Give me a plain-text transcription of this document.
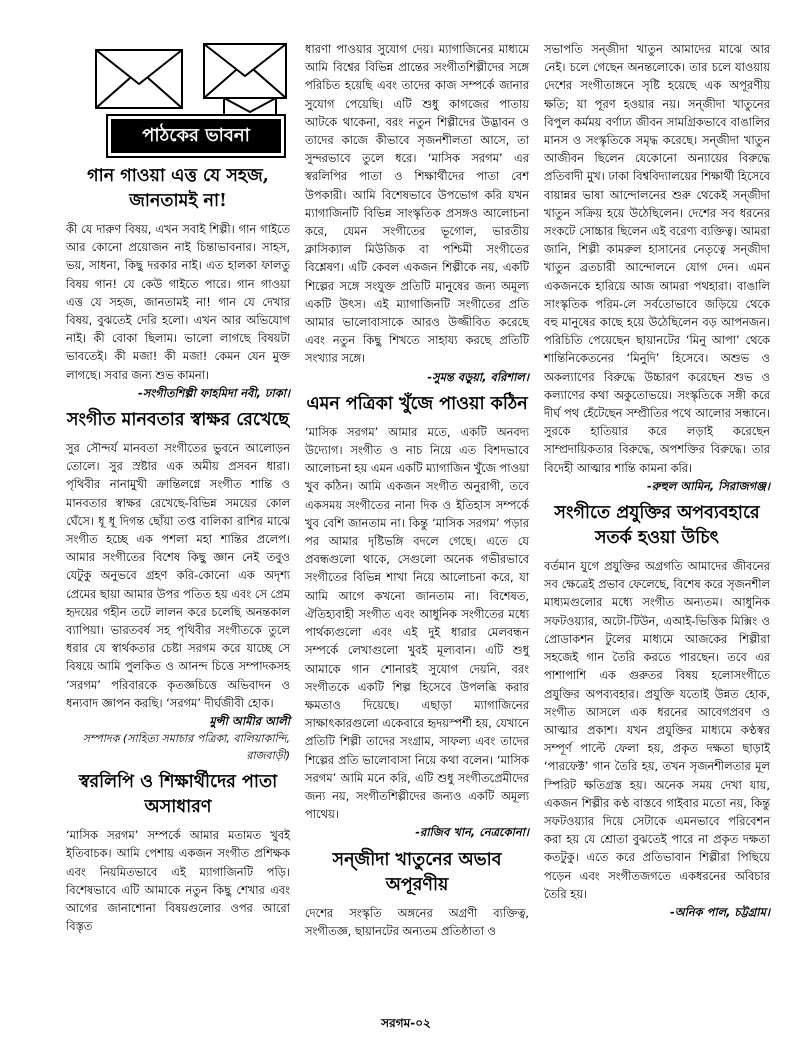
পাঠকের ভাবনা
গান গাওয়া এত্ত যে সহজ, জানতামই না!

কী যে দারুণ বিষয়, এখন সবাই শিল্পী। গান গাইতে আর কোনো প্রয়োজন নাই চিন্তাভাবনার। সাহস, ভয়, সাধনা, কিছু দরকার নাই। এত হালকা ফালতু বিষয় গান! যে কেউ গাইতে পারে। গান গাওয়া এত্ত যে সহজ, জানতামই না! গান যে দেখার বিষয়, বুঝতেই দেরি হলো। এখন আর অভিযোগ নাই। কী বোকা ছিলাম। ভালো লাগছে বিষয়টা ভাবতেই। কী মজা! কী মজা! কেমন যেন মুক্ত লাগছে। সবার জন্য শুভ কামনা।

-সংগীতশিল্পী ফাহমিদা নবী, ঢাকা।
সংগীত মানবতার স্বাক্ষর রেখেছে

সুর সৌন্দর্য মানবতা সংগীতের ভুবনে আলোড়ন তোলে। সুর স্রষ্টার এক অমীয় প্রসবন ধারা। পৃথিবীর নানামুখী ক্রান্তিলগ্নে সংগীত শান্তি ও মানবতার স্বাক্ষর রেখেছে-বিভিন্ন সময়ের কোল ঘেঁসে। ধূ ধূ দিগন্ত ছোঁয়া তপ্ত বালিকা রাশির মাঝে সংগীত হচ্ছে এক পশলা মহা শান্তির প্রলেপ। আমার সংগীতের বিশেষ কিছু জ্ঞান নেই তবুও যেটুকু অনুভবে গ্রহণ করি-কোনো এক অদৃশ্য প্রেমের ছায়া আমার উপর পতিত হয় এবং সে প্রেম হৃদয়ের গহীন তটে লালন করে চলেছি অনন্তকাল ব্যাপিয়া। ভারতবর্ষ সহ পৃথিবীর সংগীতকে তুলে ধরার যে স্বার্থকতার চেষ্টা সরগম করে যাচ্ছে সে বিষয়ে আমি পুলকিত ও আনন্দ চিত্তে সম্পাদকসহ ‘সরগম’ পরিবারকে কৃতজ্ঞচিত্তে অভিবাদন ও ধন্যবাদ জ্ঞাপন করছি। ‘সরগম’ দীর্ঘজীবী হোক।

মুন্সী আমীর আলী
সম্পাদক (সাহিত্য সমাচার পত্রিকা, বালিয়াকান্দি, রাজবাড়ী)
স্বরলিপি ও শিক্ষার্থীদের পাতা অসাধারণ

‘মাসিক সরগম’ সম্পর্কে আমার মতামত খুবই ইতিবাচক। আমি পেশায় একজন সংগীত প্রশিক্ষক এবং নিয়মিতভাবে এই ম্যাগাজিনটি পড়ি। বিশেষভাবে এটি আমাকে নতুন কিছু শেখার এবং আগের জানাশোনা বিষয়গুলোর ওপর আরো বিস্তৃত

ধারণা পাওয়ার সুযোগ দেয়। ম্যাগাজিনের মাধ্যমে আমি বিশ্বের বিভিন্ন প্রান্তের সংগীতশিল্পীদের সঙ্গে পরিচিত হয়েছি এবং তাদের কাজ সম্পর্কে জানার সুযোগ পেয়েছি। এটি শুধু কাগজের পাতায় আটকে থাকেনা, বরং নতুন শিল্পীদের উদ্ভাবন ও তাদের কাজে কীভাবে সৃজনশীলতা আসে, তা সুন্দরভাবে তুলে ধরে। ‘মাসিক সরগম’ এর স্বরলিপির পাতা ও শিক্ষার্থীদের পাতা বেশ উপকারী। আমি বিশেষভাবে উপভোগ করি যখন ম্যাগাজিনটি বিভিন্ন সাংস্কৃতিক প্রসঙ্গও আলোচনা করে, যেমন সংগীতের ভূগোল, ভারতীয় ক্লাসিক্যাল মিউজিক বা পশ্চিমী সংগীতের বিশ্লেষণ। এটি কেবল একজন শিল্পীকে নয়, একটি শিল্পের সঙ্গে সংযুক্ত প্রতিটি মানুষের জন্য অমূল্য একটি উৎস। এই ম্যাগাজিনটি সংগীতের প্রতি আমার ভালোবাসাকে আরও উজ্জীবিত করেছে এবং নতুন কিছু শিখতে সাহায্য করছে প্রতিটি সংখ্যার সঙ্গে।

-সুমন্ত বড়ুয়া, বরিশাল।
এমন পত্রিকা খুঁজে পাওয়া কঠিন

‘মাসিক সরগম’ আমার মতে, একটি অনবদ্য উদ্যোগ। সংগীত ও নাচ নিয়ে এত বিশদভাবে আলোচনা হয় এমন একটি ম্যাগাজিন খুঁজে পাওয়া খুব কঠিন। আমি একজন সংগীত অনুরাগী, তবে একসময় সংগীতের নানা দিক ও ইতিহাস সম্পর্কে খুব বেশি জানতাম না। কিন্তু ‘মাসিক সরগম’ পড়ার পর আমার দৃষ্টিভঙ্গি বদলে গেছে। এতে যে প্রবন্ধগুলো থাকে, সেগুলো অনেক গভীরভাবে সংগীতের বিভিন্ন শাখা নিয়ে আলোচনা করে, যা আমি আগে কখনো জানতাম না। বিশেষত, ঐতিহ্যবাহী সংগীত এবং আধুনিক সংগীতের মধ্যে পার্থক্যগুলো এবং এই দুই ধারার মেলবন্ধন সম্পর্কে লেখাগুলো খুবই মূল্যবান। এটি শুধু আমাকে গান শোনারই সুযোগ দেয়নি, বরং সংগীতকে একটি শিল্প হিসেবে উপলব্ধি করার ক্ষমতাও দিয়েছে। এছাড়া ম্যাগাজিনের সাক্ষাৎকারগুলো একেবারে হৃদয়স্পর্শী হয়, যেখানে প্রতিটি শিল্পী তাদের সংগ্রাম, সাফল্য এবং তাদের শিল্পের প্রতি ভালোবাসা নিয়ে কথা বলেন। ‘মাসিক সরগম’ আমি মনে করি, এটি শুধু সংগীতপ্রেমীদের জন্য নয়, সংগীতশিল্পীদের জন্যও একটি অমূল্য পাথেয়।

-রাজিব খান, নেত্রকোনা।
সন্‌জীদা খাতুনের অভাব অপূরণীয়

দেশের সংস্কৃতি অঙ্গনের অগ্রণী ব্যক্তিত্ব, সংগীতজ্ঞ, ছায়ানটের অন্যতম প্রতিষ্ঠাতা ও

সভাপতি সন্‌জীদা খাতুন আমাদের মাঝে আর নেই। চলে গেছেন অনন্তলোকে। তার চলে যাওয়ায় দেশের সংগীতাঙ্গনে সৃষ্টি হয়েছে এক অপূরণীয় ক্ষতি; যা পূরণ হওয়ার নয়। সন্‌জীদা খাতুনের বিপুল কর্মময় বর্ণাঢ্য জীবন সামগ্রিকভাবে বাঙালির মানস ও সংস্কৃতিকে সমৃদ্ধ করেছে। সন্‌জীদা খাতুন আজীবন ছিলেন যেকোনো অন্যায়ের বিরুদ্ধে প্রতিবাদী মুখ। ঢাকা বিশ্ববিদ্যালয়ের শিক্ষার্থী হিসেবে বায়ান্নর ভাষা আন্দোলনের শুরু থেকেই সন্‌জীদা খাতুন সক্রিয় হয়ে উঠেছিলেন। দেশের সব ধরনের সংকটে সোচ্চার ছিলেন এই বরেণ্য ব্যক্তিত্ব। আমরা জানি, শিল্পী কামরুল হাসানের নেতৃত্বে সন্‌জীদা খাতুন ব্রতচারী আন্দোলনে যোগ দেন। এমন একজনকে হারিয়ে আজ আমরা পথহারা। বাঙালি সাংস্কৃতিক পরিম-লে সর্বতোভাবে জড়িয়ে থেকে বহু মানুষের কাছে হয়ে উঠেছিলেন বড় আপনজন। পরিচিতি পেয়েছেন ছায়ানটের ‘মিনু আপা’ থেকে শান্তিনিকেতনের ‘মিনুদি’ হিসেবে। অশুভ ও অকল্যাণের বিরুদ্ধে উচ্চারণ করেছেন শুভ ও কল্যাণের কথা অকুতোভয়ে। সংস্কৃতিকে সঙ্গী করে দীর্ঘ পথ হেঁটেছেন সম্প্রীতির পথে আলোর সন্ধানে। সুরকে হাতিয়ার করে লড়াই করেছেন সাম্প্রদায়িকতার বিরুদ্ধে, অপশক্তির বিরুদ্ধে। তার বিদেহী আত্মার শান্তি কামনা করি।

-রুহুল আমিন, সিরাজগঞ্জ।
সংগীতে প্রযুক্তির অপব্যবহারে সতর্ক হওয়া উচিৎ

বর্তমান যুগে প্রযুক্তির অগ্রগতি আমাদের জীবনের সব ক্ষেত্রেই প্রভাব ফেলেছে, বিশেষ করে সৃজনশীল মাধ্যমগুলোর মধ্যে সংগীত অন্যতম। আধুনিক সফটওয়্যার, অটো-টিউন, এআই-ভিত্তিক মিক্সিং ও প্রোডাকশন টুলের মাধ্যমে আজকের শিল্পীরা সহজেই গান তৈরি করতে পারছেন। তবে এর পাশাপাশি এক গুরুতর বিষয় হলোসংগীতে প্রযুক্তির অপব্যবহার। প্রযুক্তি যতোই উন্নত হোক, সংগীত আসলে এক ধরনের আবেগপ্রবণ ও আত্মার প্রকাশ। যখন প্রযুক্তির মাধ্যমে কণ্ঠস্বর সম্পূর্ণ পাল্টে ফেলা হয়, প্রকৃত দক্ষতা ছাড়াই ‘পারফেক্ট’ গান তৈরি হয়, তখন সৃজনশীলতার মূল স্পিরিট ক্ষতিগ্রস্ত হয়। অনেক সময় দেখা যায়, একজন শিল্পীর কণ্ঠ বাস্তবে গাইবার মতো নয়, কিন্তু সফটওয়্যার দিয়ে সেটাকে এমনভাবে পরিবেশন করা হয় যে শ্রোতা বুঝতেই পারে না প্রকৃত দক্ষতা কতটুকু। এতে করে প্রতিভাবান শিল্পীরা পিছিয়ে পড়েন এবং সংগীতজগতে একধরনের অবিচার তৈরি হয়।

-অনিক পাল, চট্টগ্রাম।
সরগম-০২
